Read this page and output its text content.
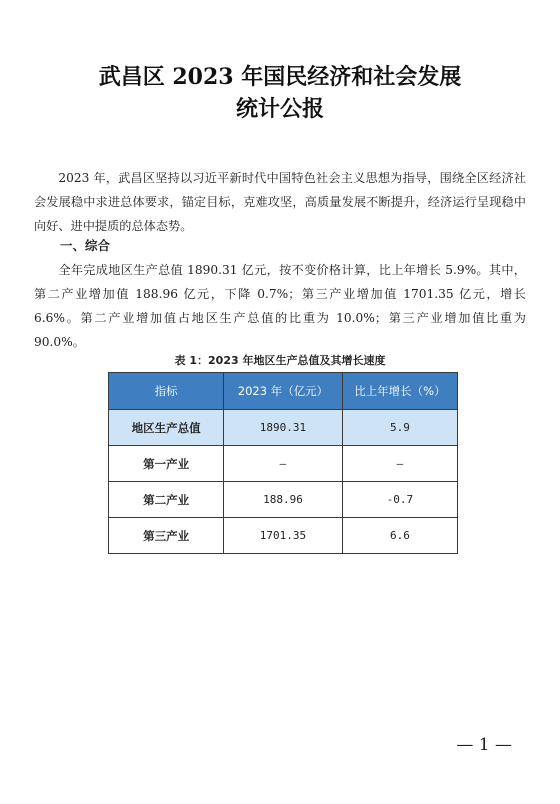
武昌区 2023 年国民经济和社会发展
统计公报

2023 年，武昌区坚持以习近平新时代中国特色社会主义思想为指导，围绕全区经济社会发展稳中求进总体要求，锚定目标，克难攻坚，高质量发展不断提升，经济运行呈现稳中向好、进中提质的总体态势。

一、综合

全年完成地区生产总值 1890.31 亿元，按不变价格计算，比上年增长 5.9%。其中，第二产业增加值 188.96 亿元，下降 0.7%；第三产业增加值 1701.35 亿元，增长 6.6%。第二产业增加值占地区生产总值的比重为 10.0%；第三产业增加值比重为 90.0%。

表 1：2023 年地区生产总值及其增长速度
指标	2023 年（亿元）	比上年增长（%）
地区生产总值	1890.31	5.9
第一产业	—	—
第二产业	188.96	-0.7
第三产业	1701.35	6.6
— 1 —
